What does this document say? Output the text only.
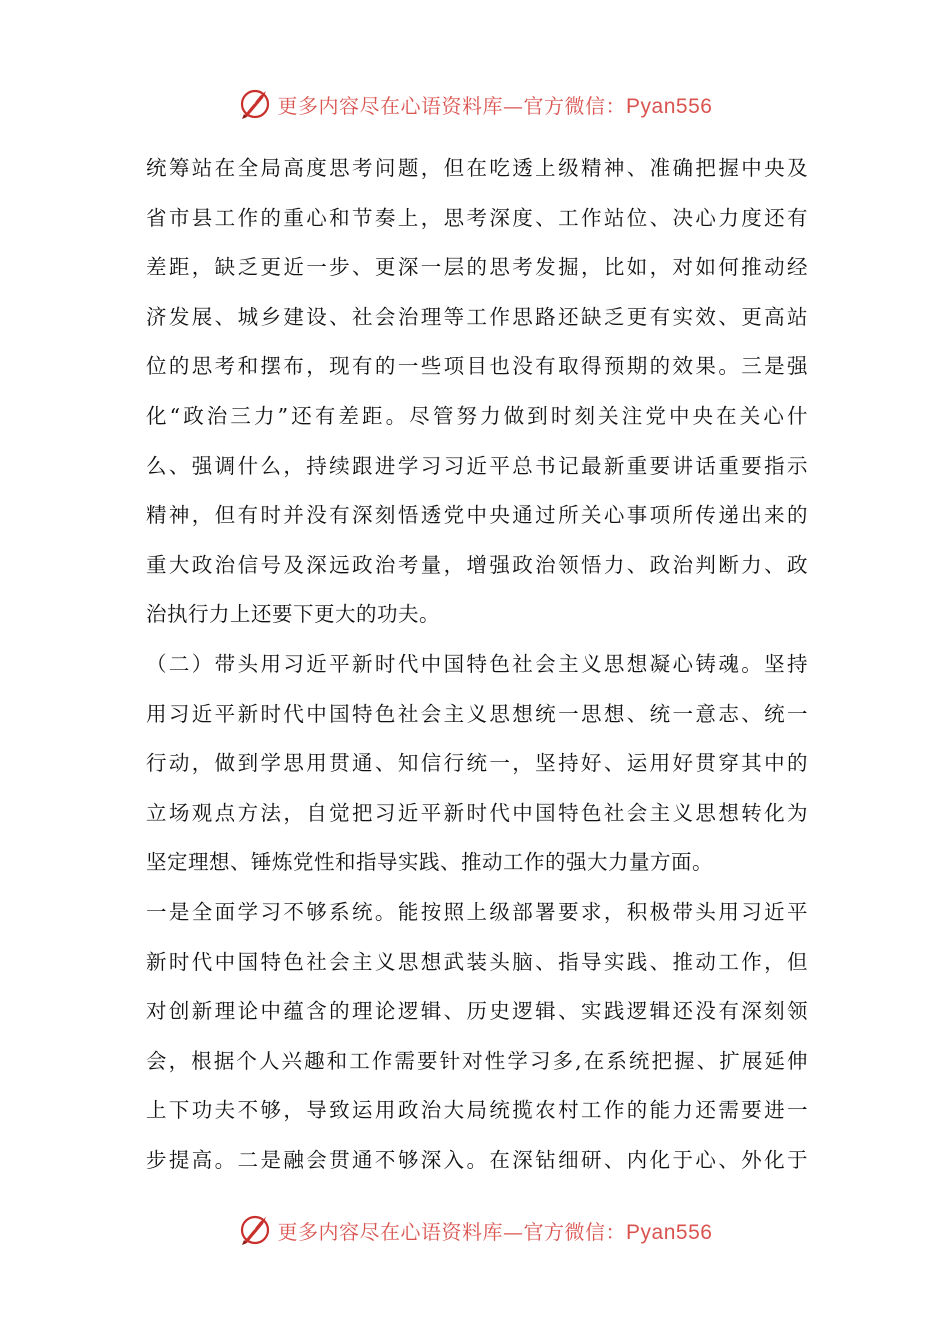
更多内容尽在心语资料库—官方微信：Pyan556
统筹站在全局高度思考问题，但在吃透上级精神、准确把握中央及
省市县工作的重心和节奏上，思考深度、工作站位、决心力度还有
差距，缺乏更近一步、更深一层的思考发掘，比如，对如何推动经
济发展、城乡建设、社会治理等工作思路还缺乏更有实效、更高站
位的思考和摆布，现有的一些项目也没有取得预期的效果。三是强
化“政治三力”还有差距。尽管努力做到时刻关注党中央在关心什
么、强调什么，持续跟进学习习近平总书记最新重要讲话重要指示
精神，但有时并没有深刻悟透党中央通过所关心事项所传递出来的
重大政治信号及深远政治考量，增强政治领悟力、政治判断力、政
治执行力上还要下更大的功夫。
（二）带头用习近平新时代中国特色社会主义思想凝心铸魂。坚持
用习近平新时代中国特色社会主义思想统一思想、统一意志、统一
行动，做到学思用贯通、知信行统一，坚持好、运用好贯穿其中的
立场观点方法，自觉把习近平新时代中国特色社会主义思想转化为
坚定理想、锤炼党性和指导实践、推动工作的强大力量方面。
一是全面学习不够系统。能按照上级部署要求，积极带头用习近平
新时代中国特色社会主义思想武装头脑、指导实践、推动工作，但
对创新理论中蕴含的理论逻辑、历史逻辑、实践逻辑还没有深刻领
会，根据个人兴趣和工作需要针对性学习多,在系统把握、扩展延伸
上下功夫不够，导致运用政治大局统揽农村工作的能力还需要进一
步提高。二是融会贯通不够深入。在深钻细研、内化于心、外化于
更多内容尽在心语资料库—官方微信：Pyan556
